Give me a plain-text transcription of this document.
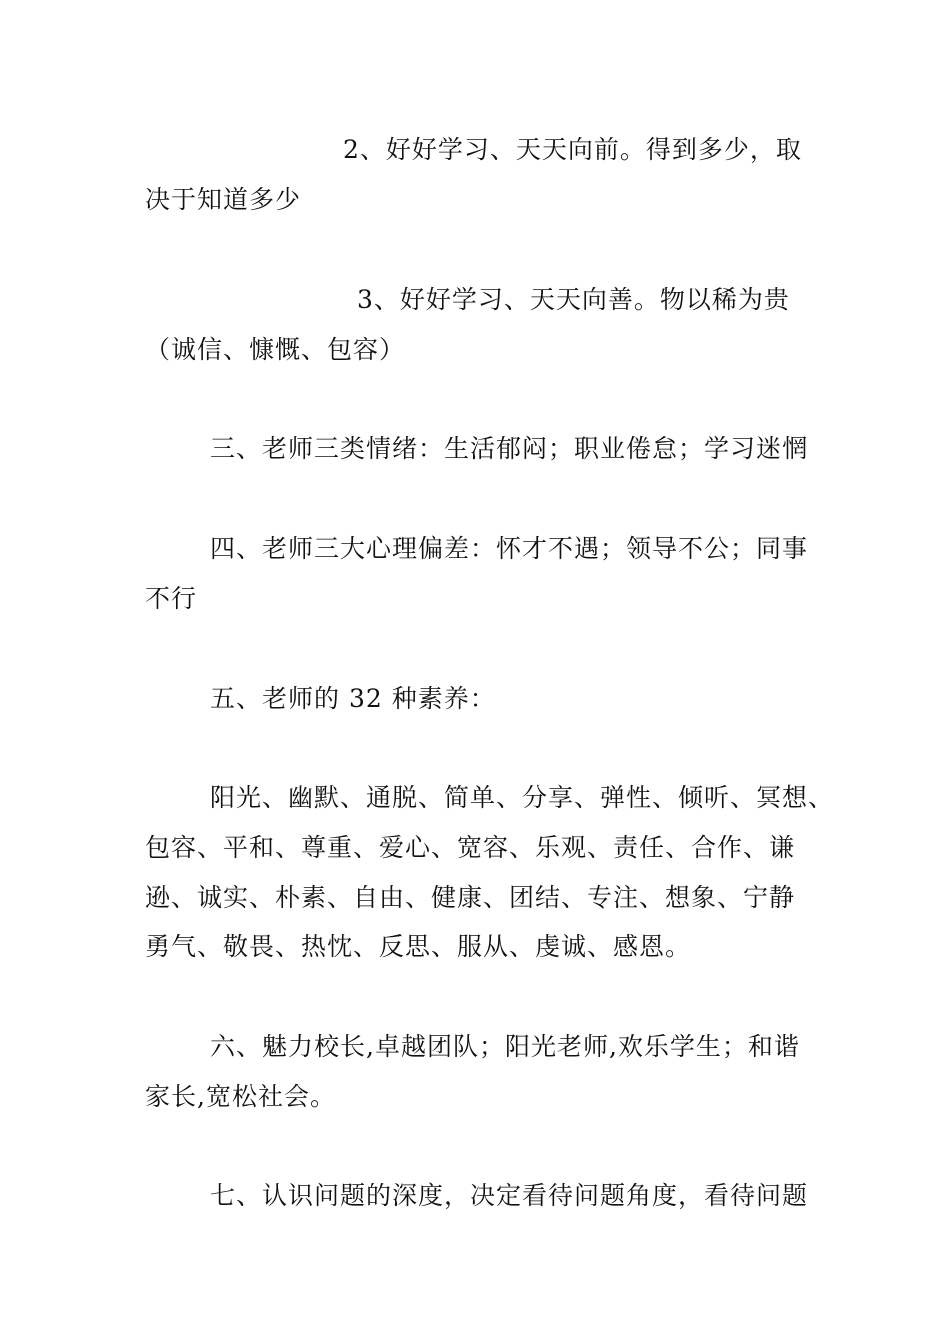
2、好好学习、天天向前。得到多少，取
决于知道多少
3、好好学习、天天向善。物以稀为贵
（诚信、慷慨、包容）
三、老师三类情绪：生活郁闷；职业倦怠；学习迷惘
四、老师三大心理偏差：怀才不遇；领导不公；同事
不行
五、老师的 32 种素养：
阳光、幽默、通脱、简单、分享、弹性、倾听、冥想、
包容、平和、尊重、爱心、宽容、乐观、责任、合作、谦
逊、诚实、朴素、自由、健康、团结、专注、想象、宁静
勇气、敬畏、热忱、反思、服从、虔诚、感恩。
六、魅力校长,卓越团队；阳光老师,欢乐学生；和谐
家长,宽松社会。
七、认识问题的深度，决定看待问题角度，看待问题
